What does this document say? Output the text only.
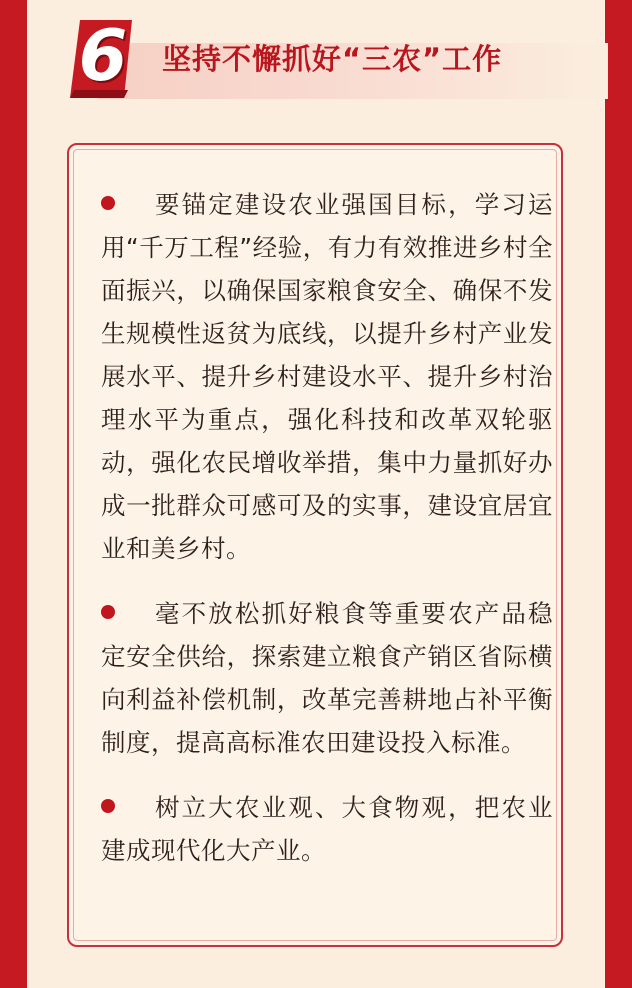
6 坚持不懈抓好“三农”工作
要锚定建设农业强国目标，学习运用“千万工程”经验，有力有效推进乡村全面振兴，以确保国家粮食安全、确保不发生规模性返贫为底线，以提升乡村产业发展水平、提升乡村建设水平、提升乡村治理水平为重点，强化科技和改革双轮驱动，强化农民增收举措，集中力量抓好办成一批群众可感可及的实事，建设宜居宜业和美乡村。
毫不放松抓好粮食等重要农产品稳定安全供给，探索建立粮食产销区省际横向利益补偿机制，改革完善耕地占补平衡制度，提高高标准农田建设投入标准。
树立大农业观、大食物观，把农业建成现代化大产业。
